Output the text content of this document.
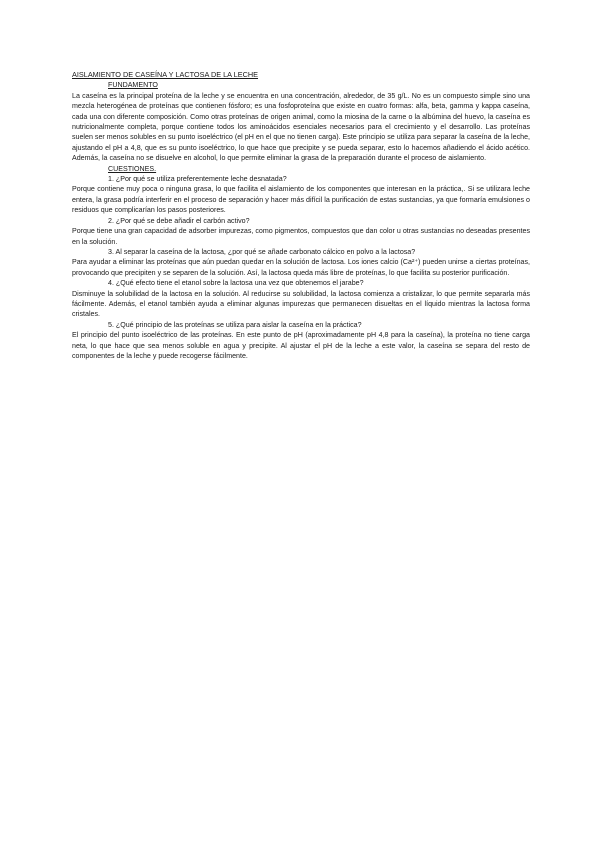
AISLAMIENTO DE CASEÍNA Y LACTOSA DE LA LECHE

FUNDAMENTO

La caseína es la principal proteína de la leche y se encuentra en una concentración, alrededor, de 35 g/L. No es un compuesto simple sino una mezcla heterogénea de proteínas que contienen fósforo; es una fosfoproteína que existe en cuatro formas: alfa, beta, gamma y kappa caseína, cada una con diferente composición. Como otras proteínas de origen animal, como la miosina de la carne o la albúmina del huevo, la caseína es nutricionalmente completa, porque contiene todos los aminoácidos esenciales necesarios para el crecimiento y el desarrollo. Las proteínas suelen ser menos solubles en su punto isoeléctrico (el pH en el que no tienen carga). Este principio se utiliza para separar la caseína de la leche, ajustando el pH a 4,8, que es su punto isoeléctrico, lo que hace que precipite y se pueda separar, esto lo hacemos añadiendo el ácido acético. Además, la caseína no se disuelve en alcohol, lo que permite eliminar la grasa de la preparación durante el proceso de aislamiento.

CUESTIONES.

1. ¿Por qué se utiliza preferentemente leche desnatada?

Porque contiene muy poca o ninguna grasa, lo que facilita el aislamiento de los componentes que interesan en la práctica,. Si se utilizara leche entera, la grasa podría interferir en el proceso de separación y hacer más difícil la purificación de estas sustancias, ya que formaría emulsiones o residuos que complicarían los pasos posteriores.

2. ¿Por qué se debe añadir el carbón activo?

Porque tiene una gran capacidad de adsorber impurezas, como pigmentos, compuestos que dan color u otras sustancias no deseadas presentes en la solución.

3. Al separar la caseína de la lactosa, ¿por qué se añade carbonato cálcico en polvo a la lactosa?

Para ayudar a eliminar las proteínas que aún puedan quedar en la solución de lactosa. Los iones calcio (Ca²⁺) pueden unirse a ciertas proteínas, provocando que precipiten y se separen de la solución. Así, la lactosa queda más libre de proteínas, lo que facilita su posterior purificación.

4. ¿Qué efecto tiene el etanol sobre la lactosa una vez que obtenemos el jarabe?

Disminuye la solubilidad de la lactosa en la solución. Al reducirse su solubilidad, la lactosa comienza a cristalizar, lo que permite separarla más fácilmente. Además, el etanol también ayuda a eliminar algunas impurezas que permanecen disueltas en el líquido mientras la lactosa forma cristales.

5. ¿Qué principio de las proteínas se utiliza para aislar la caseína en la práctica?

El principio del punto isoeléctrico de las proteínas. En este punto de pH (aproximadamente pH 4,8 para la caseína), la proteína no tiene carga neta, lo que hace que sea menos soluble en agua y precipite. Al ajustar el pH de la leche a este valor, la caseína se separa del resto de componentes de la leche y puede recogerse fácilmente.
